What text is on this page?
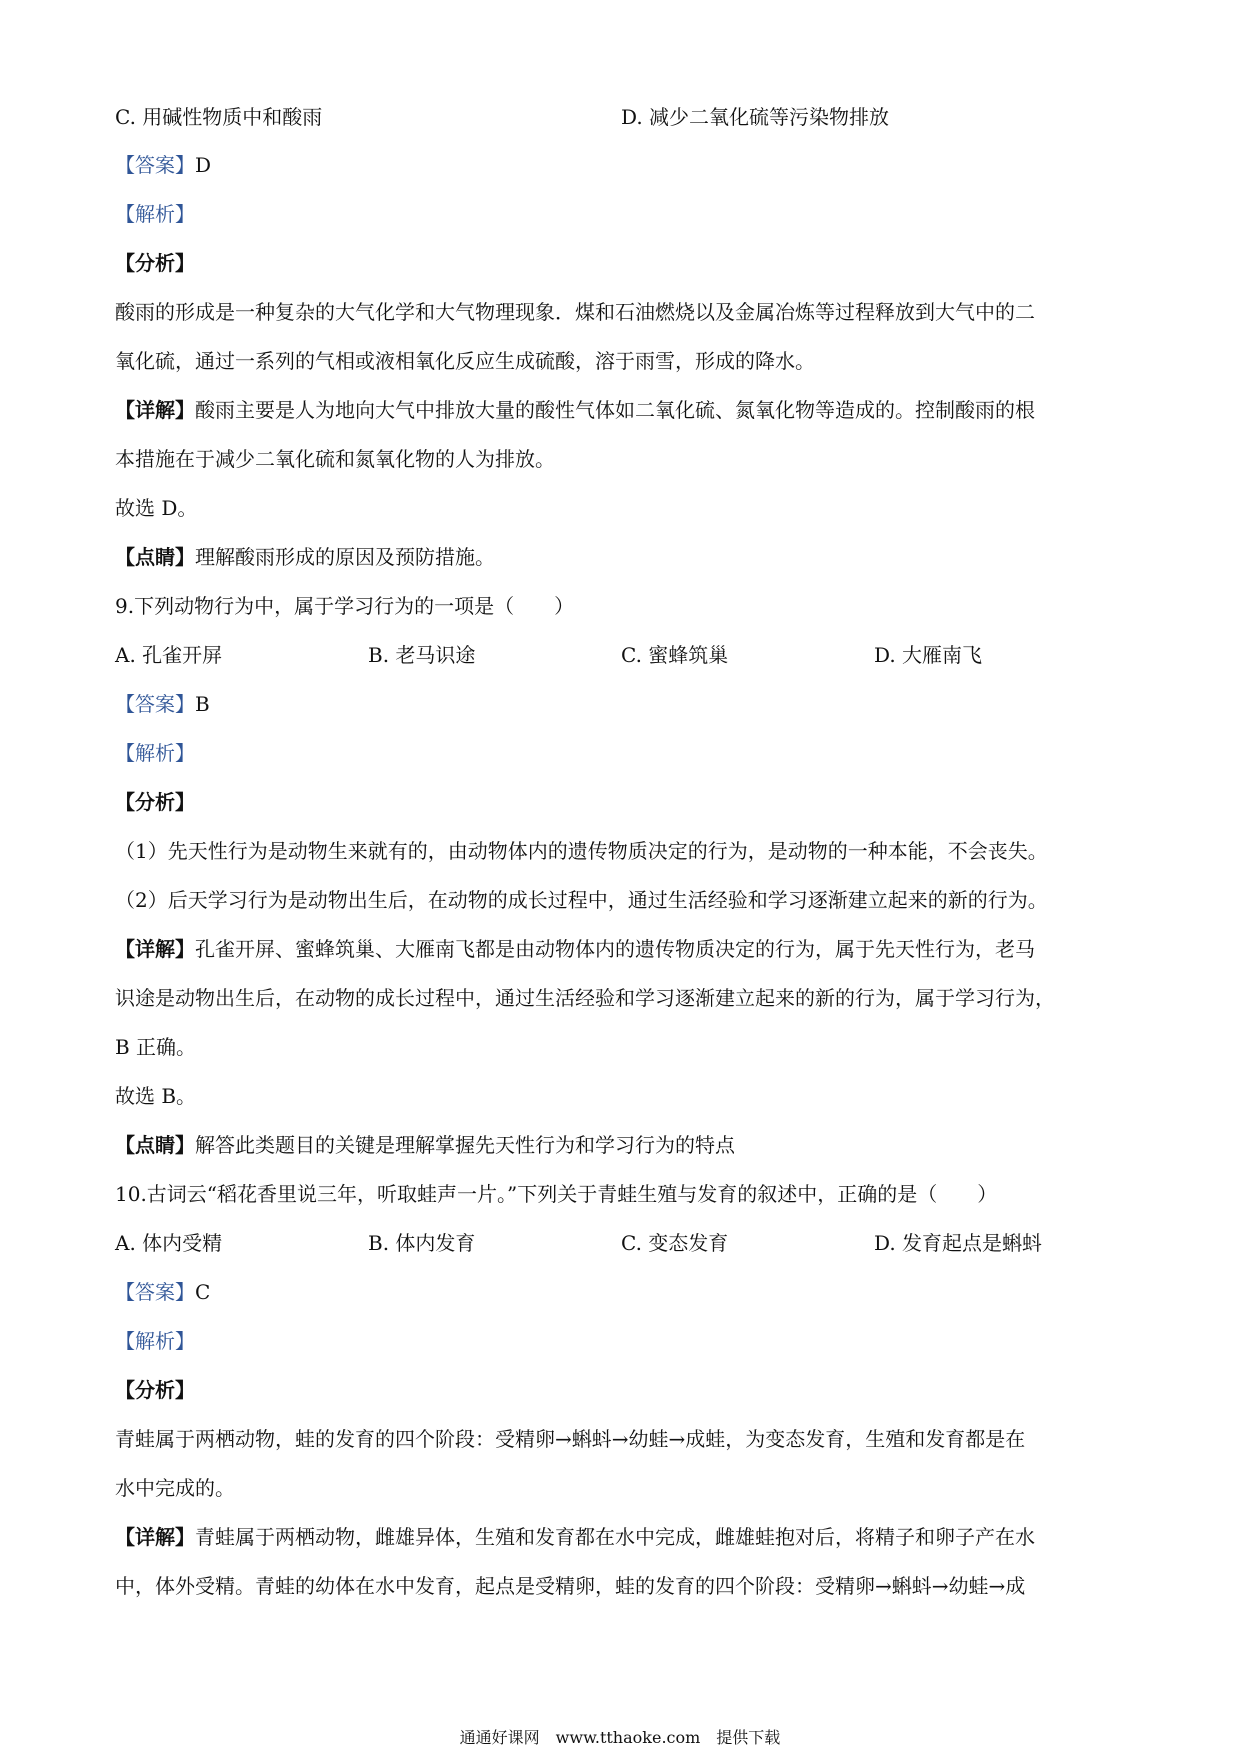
C. 用碱性物质中和酸雨	D. 减少二氧化硫等污染物排放
【答案】D
【解析】
【分析】
酸雨的形成是一种复杂的大气化学和大气物理现象．煤和石油燃烧以及金属冶炼等过程释放到大气中的二
氧化硫，通过一系列的气相或液相氧化反应生成硫酸，溶于雨雪，形成的降水。
【详解】酸雨主要是人为地向大气中排放大量的酸性气体如二氧化硫、氮氧化物等造成的。控制酸雨的根
本措施在于减少二氧化硫和氮氧化物的人为排放。
故选 D。
【点睛】理解酸雨形成的原因及预防措施。
9.下列动物行为中，属于学习行为的一项是（　　）
A. 孔雀开屏	B. 老马识途	C. 蜜蜂筑巢	D. 大雁南飞
【答案】B
【解析】
【分析】
（1）先天性行为是动物生来就有的，由动物体内的遗传物质决定的行为，是动物的一种本能，不会丧失。
（2）后天学习行为是动物出生后，在动物的成长过程中，通过生活经验和学习逐渐建立起来的新的行为。
【详解】孔雀开屏、蜜蜂筑巢、大雁南飞都是由动物体内的遗传物质决定的行为，属于先天性行为，老马
识途是动物出生后，在动物的成长过程中，通过生活经验和学习逐渐建立起来的新的行为，属于学习行为，
B 正确。
故选 B。
【点睛】解答此类题目的关键是理解掌握先天性行为和学习行为的特点
10.古词云“稻花香里说三年，听取蛙声一片。”下列关于青蛙生殖与发育的叙述中，正确的是（　　）
A. 体内受精	B. 体内发育	C. 变态发育	D. 发育起点是蝌蚪
【答案】C
【解析】
【分析】
青蛙属于两栖动物，蛙的发育的四个阶段：受精卵→蝌蚪→幼蛙→成蛙，为变态发育，生殖和发育都是在
水中完成的。
【详解】青蛙属于两栖动物，雌雄异体，生殖和发育都在水中完成，雌雄蛙抱对后，将精子和卵子产在水
中，体外受精。青蛙的幼体在水中发育，起点是受精卵，蛙的发育的四个阶段：受精卵→蝌蚪→幼蛙→成
通通好课网　www.tthaoke.com　提供下载
